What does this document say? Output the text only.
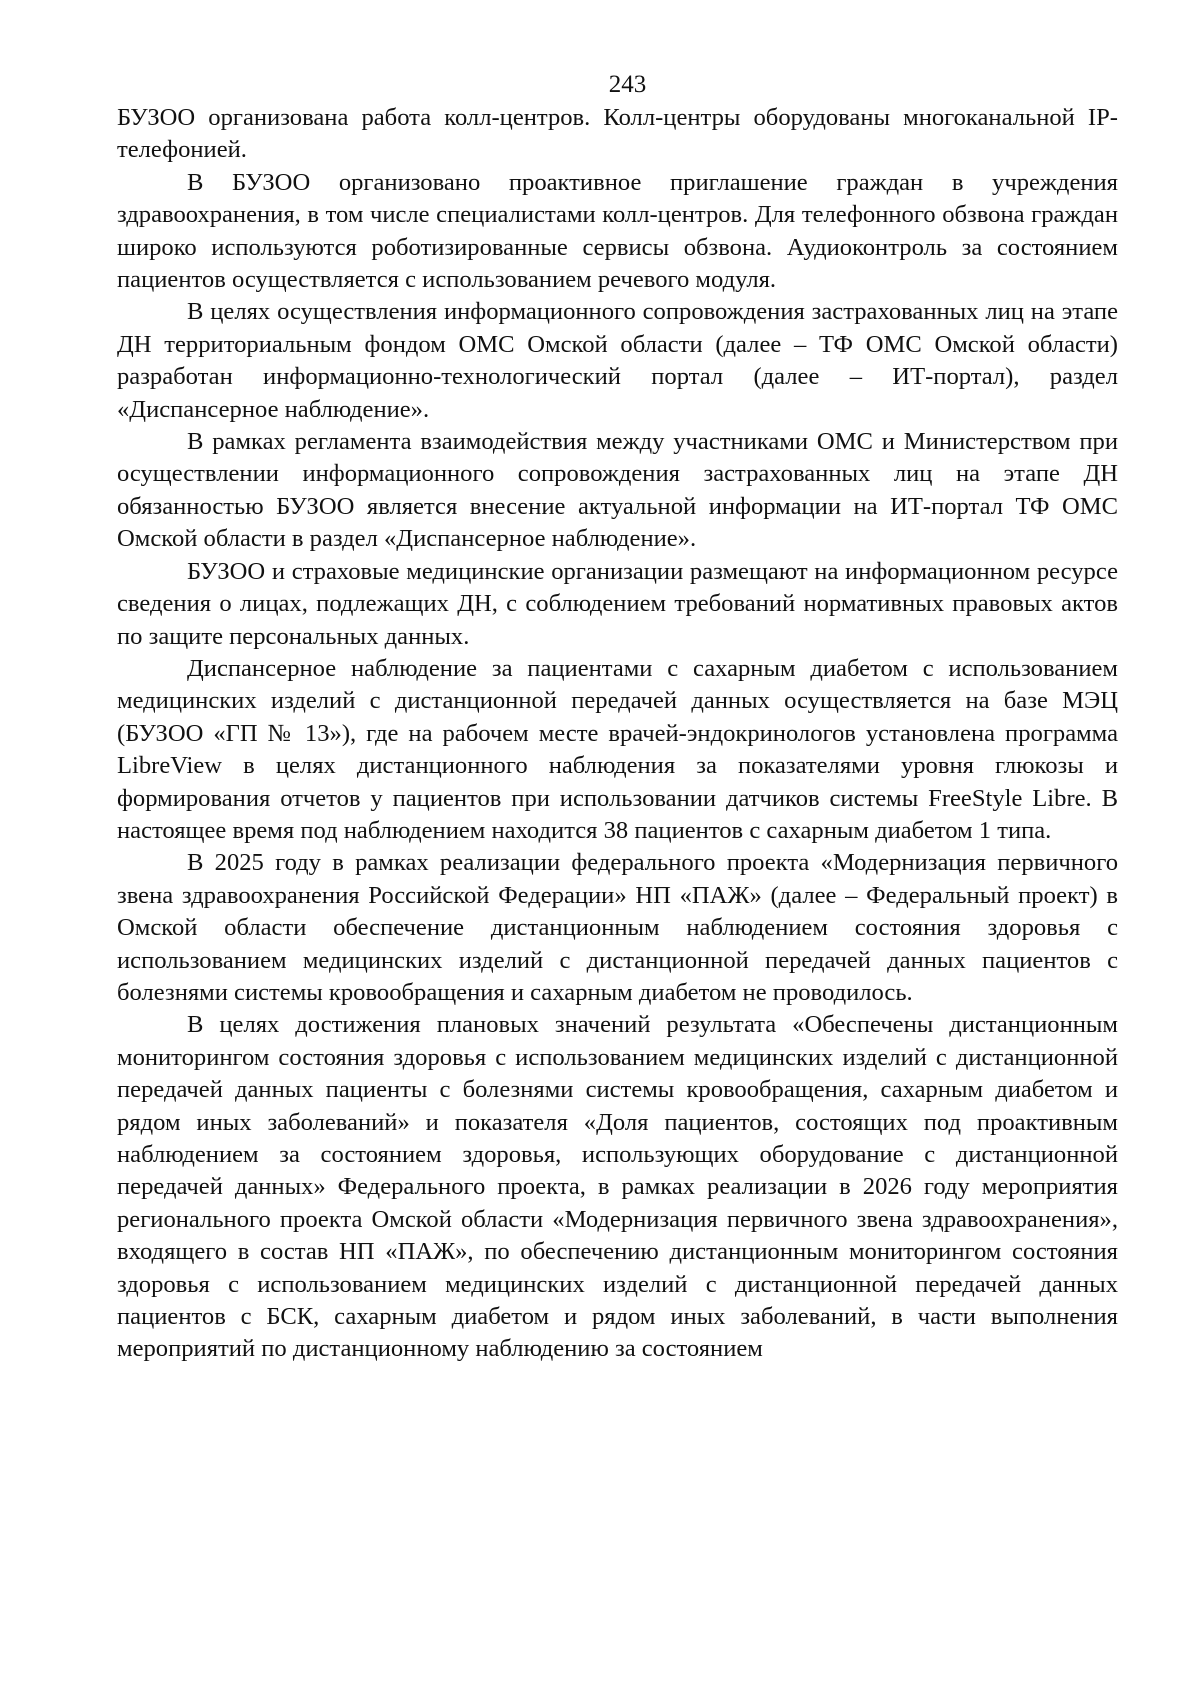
243

БУЗОО организована работа колл-центров. Колл-центры оборудованы многоканальной IP-телефонией.

В БУЗОО организовано проактивное приглашение граждан в учреждения здравоохранения, в том числе специалистами колл-центров. Для телефонного обзвона граждан широко используются роботизированные сервисы обзвона. Аудиоконтроль за состоянием пациентов осуществляется с использованием речевого модуля.

В целях осуществления информационного сопровождения застрахованных лиц на этапе ДН территориальным фондом ОМС Омской области (далее – ТФ ОМС Омской области) разработан информационно-технологический портал (далее – ИТ-портал), раздел «Диспансерное наблюдение».

В рамках регламента взаимодействия между участниками ОМС и Министерством при осуществлении информационного сопровождения застрахованных лиц на этапе ДН обязанностью БУЗОО является внесение актуальной информации на ИТ-портал ТФ ОМС Омской области в раздел «Диспансерное наблюдение».

БУЗОО и страховые медицинские организации размещают на информационном ресурсе сведения о лицах, подлежащих ДН, с соблюдением требований нормативных правовых актов по защите персональных данных.

Диспансерное наблюдение за пациентами с сахарным диабетом с использованием медицинских изделий с дистанционной передачей данных осуществляется на базе МЭЦ (БУЗОО «ГП № 13»), где на рабочем месте врачей-эндокринологов установлена программа LibreView в целях дистанционного наблюдения за показателями уровня глюкозы и формирования отчетов у пациентов при использовании датчиков системы FreeStyle Libre. В настоящее время под наблюдением находится 38 пациентов с сахарным диабетом 1 типа.

В 2025 году в рамках реализации федерального проекта «Модернизация первичного звена здравоохранения Российской Федерации» НП «ПАЖ» (далее – Федеральный проект) в Омской области обеспечение дистанционным наблюдением состояния здоровья с использованием медицинских изделий с дистанционной передачей данных пациентов с болезнями системы кровообращения и сахарным диабетом не проводилось.

В целях достижения плановых значений результата «Обеспечены дистанционным мониторингом состояния здоровья с использованием медицинских изделий с дистанционной передачей данных пациенты с болезнями системы кровообращения, сахарным диабетом и рядом иных заболеваний» и показателя «Доля пациентов, состоящих под проактивным наблюдением за состоянием здоровья, использующих оборудование с дистанционной передачей данных» Федерального проекта, в рамках реализации в 2026 году мероприятия регионального проекта Омской области «Модернизация первичного звена здравоохранения», входящего в состав НП «ПАЖ», по обеспечению дистанционным мониторингом состояния здоровья с использованием медицинских изделий с дистанционной передачей данных пациентов с БСК, сахарным диабетом и рядом иных заболеваний, в части выполнения мероприятий по дистанционному наблюдению за состоянием
